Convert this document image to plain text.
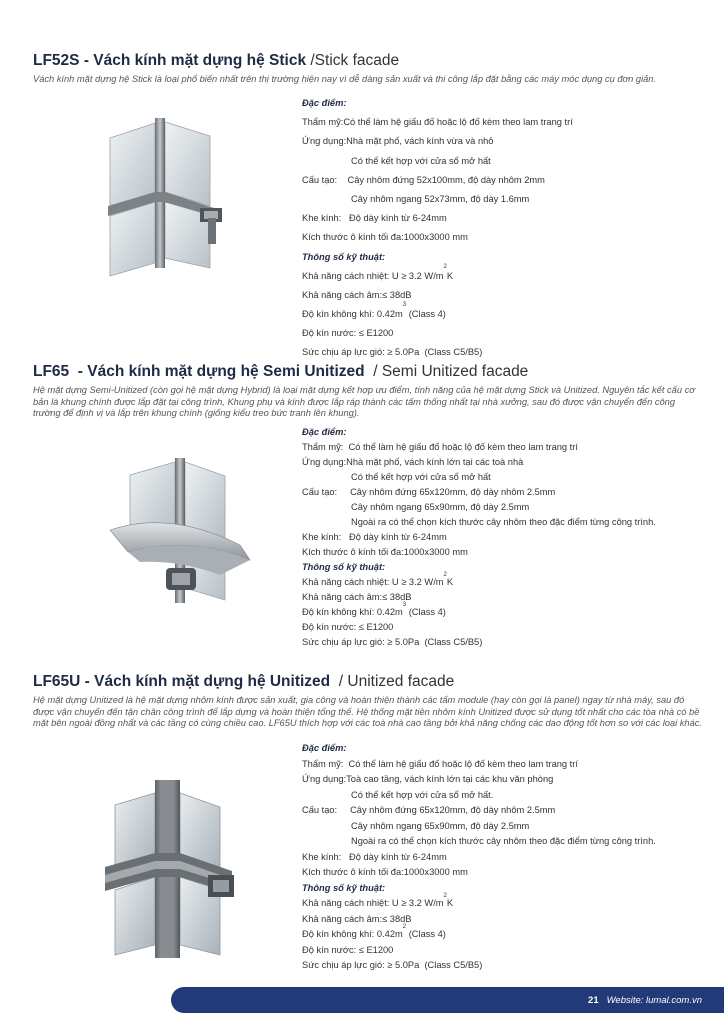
LF52S - Vách kính mặt dựng hệ Stick /Stick facade
Vách kính mặt dựng hệ Stick là loại phổ biến nhất trên thị trường hiện nay vì dễ dàng sản xuất và thi công lắp đặt bằng các máy móc dụng cụ đơn giản.
Đặc điểm:
Thẩm mỹ: Có thể làm hệ giấu đố hoặc lộ đố kèm theo lam trang trí
Ứng dụng: Nhà mặt phố, vách kính vừa và nhỏ
Có thể kết hợp với cửa sổ mở hất
Cấu tạo: Cây nhôm đứng 52x100mm, độ dày nhôm 2mm
Cây nhôm ngang 52x73mm, độ dày 1.6mm
Khe kính: Độ dày kính từ 6-24mm
Kích thước ô kính tối đa: 1000x3000 mm
Thông số kỹ thuật:
Khả năng cách nhiệt: U ≥ 3.2 W/m
2
K
Khả năng cách âm:≤ 38dB
Độ kín không khí: 0.42m
3
(Class 4)
Độ kín nước: ≤ E1200
Sức chịu áp lực gió: ≥ 5.0Pa  (Class C5/B5)
LF65  - Vách kính mặt dựng hệ Semi Unitized  / Semi Unitized facade
Hệ mặt dựng Semi-Unitized (còn gọi hệ mặt dựng Hybrid) là loại mặt dựng kết hợp ưu điểm, tính năng của hệ mặt dựng Stick và Unitized. Nguyên tắc kết cấu cơ bản là khung chính được lắp đặt tại công trình, Khung phụ và kính được lắp ráp thành các tấm thống nhất tại nhà xưởng, sau đó được vận chuyển đến công trường để định vị và lắp trên khung chính (giống kiểu treo bức tranh lên khung).
Đặc điểm:
Thẩm mỹ: Có thể làm hệ giấu đố hoặc lộ đố kèm theo lam trang trí
Ứng dụng: Nhà mặt phố, vách kính lớn tại các toà nhà
Có thể kết hợp với cửa sổ mở hất
Cấu tạo: Cây nhôm đứng 65x120mm, độ dày nhôm 2.5mm
Cây nhôm ngang 65x90mm, độ dày 2.5mm
Ngoài ra có thể chọn kích thước cây nhôm theo đặc điểm từng công trình.
Khe kính: Độ dày kính từ 6-24mm
Kích thước ô kính tối đa: 1000x3000 mm
Thông số kỹ thuật:
Khả năng cách nhiệt: U ≥ 3.2 W/m
2
K
Khả năng cách âm:≤ 38dB
Độ kín không khí: 0.42m
3
(Class 4)
Độ kín nước: ≤ E1200
Sức chịu áp lực gió: ≥ 5.0Pa  (Class C5/B5)
LF65U - Vách kính mặt dựng hệ Unitized  / Unitized facade
Hệ mặt dựng Unitized là hệ mặt dựng nhôm kính được sản xuất, gia công và hoàn thiện thành các tấm module (hay còn gọi là panel) ngay từ nhà máy, sau đó được vận chuyển đến tận chân công trình để lắp dựng và hoàn thiện tổng thể. Hệ thống mặt tiền nhôm kính Unitized được sử dụng tốt nhất cho các tòa nhà có bề mặt bên ngoài đồng nhất và các tầng có cùng chiều cao. LF65U thích hợp với các toà nhà cao tầng bởi khả năng chống các dao động tốt hơn so với các loại khác.
Đặc điểm:
Thẩm mỹ: Có thể làm hệ giấu đố hoặc lộ đố kèm theo lam trang trí
Ứng dụng: Toà cao tầng, vách kính lớn tại các khu văn phòng
Có thể kết hợp với cửa sổ mở hất.
Cấu tạo: Cây nhôm đứng 65x120mm, độ dày nhôm 2.5mm
Cây nhôm ngang 65x90mm, độ dày 2.5mm
Ngoài ra có thể chọn kích thước cây nhôm theo đặc điểm từng công trình.
Khe kính: Độ dày kính từ 6-24mm
Kích thước ô kính tối đa: 1000x3000 mm
Thông số kỹ thuật:
Khả năng cách nhiệt: U ≥ 3.2 W/m
2
K
Khả năng cách âm:≤ 38dB
Độ kín không khí: 0.42m
2
(Class 4)
Độ kín nước: ≤ E1200
Sức chịu áp lực gió: ≥ 5.0Pa  (Class C5/B5)
21 Website: lumal.com.vn
